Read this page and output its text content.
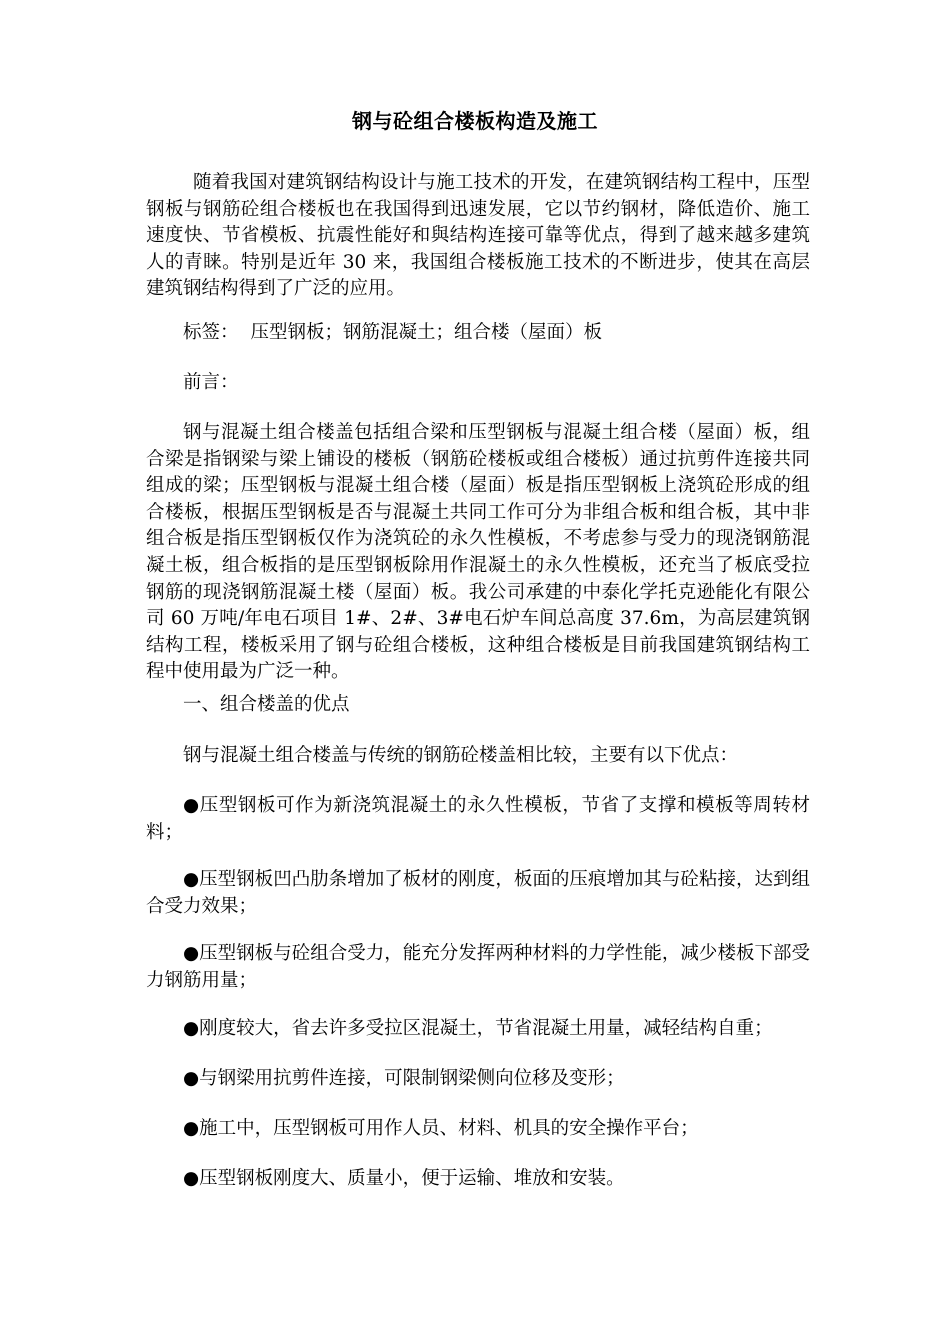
钢与砼组合楼板构造及施工

随着我国对建筑钢结构设计与施工技术的开发，在建筑钢结构工程中，压型钢板与钢筋砼组合楼板也在我国得到迅速发展，它以节约钢材，降低造价、施工速度快、节省模板、抗震性能好和與结构连接可靠等优点，得到了越来越多建筑人的青睐。特别是近年 30 来，我国组合楼板施工技术的不断进步，使其在高层建筑钢结构得到了广泛的应用。

标签： 压型钢板；钢筋混凝土；组合楼（屋面）板

前言：

钢与混凝土组合楼盖包括组合梁和压型钢板与混凝土组合楼（屋面）板，组合梁是指钢梁与梁上铺设的楼板（钢筋砼楼板或组合楼板）通过抗剪件连接共同组成的梁；压型钢板与混凝土组合楼（屋面）板是指压型钢板上浇筑砼形成的组合楼板，根据压型钢板是否与混凝土共同工作可分为非组合板和组合板，其中非组合板是指压型钢板仅作为浇筑砼的永久性模板，不考虑参与受力的现浇钢筋混凝土板，组合板指的是压型钢板除用作混凝土的永久性模板，还充当了板底受拉钢筋的现浇钢筋混凝土楼（屋面）板。我公司承建的中泰化学托克逊能化有限公司 60 万吨/年电石项目 1#、2#、3#电石炉车间总高度 37.6m，为高层建筑钢结构工程，楼板采用了钢与砼组合楼板，这种组合楼板是目前我国建筑钢结构工程中使用最为广泛一种。

一、组合楼盖的优点

钢与混凝土组合楼盖与传统的钢筋砼楼盖相比较，主要有以下优点：

●压型钢板可作为新浇筑混凝土的永久性模板，节省了支撑和模板等周转材料；

●压型钢板凹凸肋条增加了板材的刚度，板面的压痕增加其与砼粘接，达到组合受力效果；

●压型钢板与砼组合受力，能充分发挥两种材料的力学性能，减少楼板下部受力钢筋用量；

●刚度较大，省去许多受拉区混凝土，节省混凝土用量，减轻结构自重；

●与钢梁用抗剪件连接，可限制钢梁侧向位移及变形；

●施工中，压型钢板可用作人员、材料、机具的安全操作平台；

●压型钢板刚度大、质量小，便于运输、堆放和安装。
